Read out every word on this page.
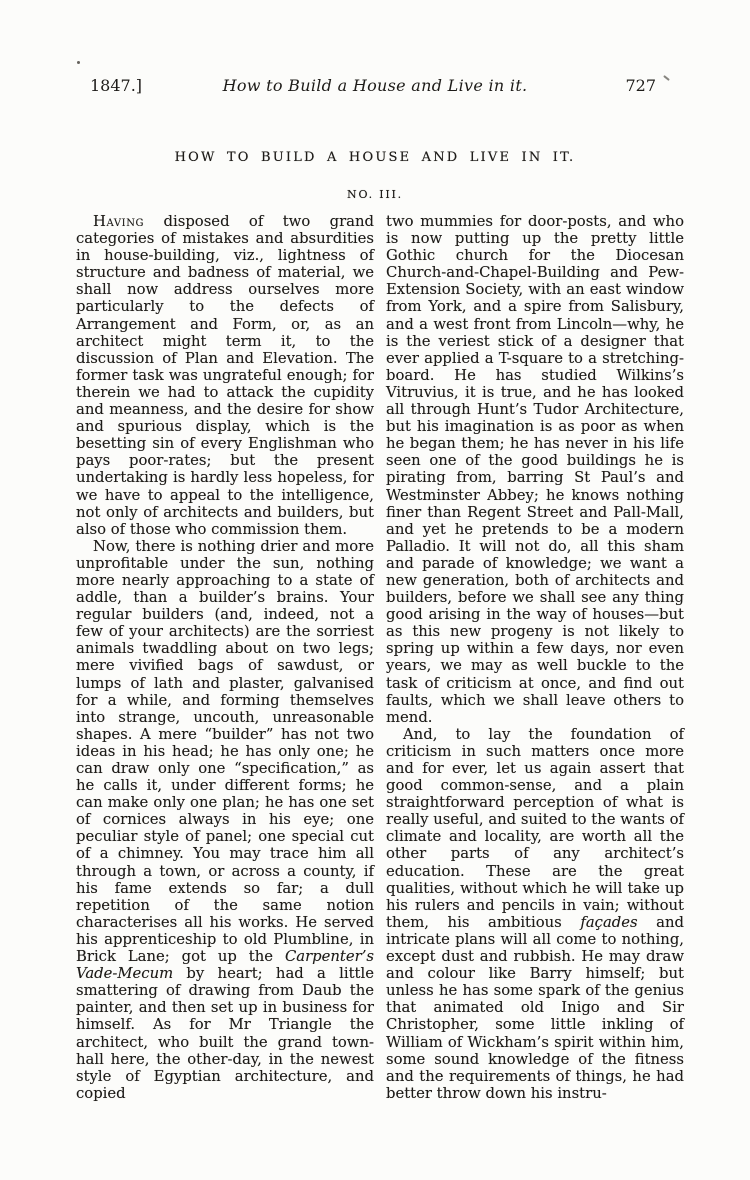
1847.]	How to Build a House and Live in it.	727
HOW TO BUILD A HOUSE AND LIVE IN IT.
NO. III.

Having disposed of two grand categories of mistakes and absurdities in house-building, viz., lightness of structure and badness of material, we shall now address ourselves more particularly to the defects of Arrangement and Form, or, as an architect might term it, to the discussion of Plan and Elevation. The former task was ungrateful enough; for therein we had to attack the cupidity and meanness, and the desire for show and spurious display, which is the besetting sin of every Englishman who pays poor-rates; but the present undertaking is hardly less hopeless, for we have to appeal to the intelligence, not only of architects and builders, but also of those who commission them.

Now, there is nothing drier and more unprofitable under the sun, nothing more nearly approaching to a state of addle, than a builder’s brains. Your regular builders (and, indeed, not a few of your architects) are the sorriest animals twaddling about on two legs; mere vivified bags of sawdust, or lumps of lath and plaster, galvanised for a while, and forming themselves into strange, uncouth, unreasonable shapes. A mere “builder” has not two ideas in his head; he has only one; he can draw only one “specification,” as he calls it, under different forms; he can make only one plan; he has one set of cornices always in his eye; one peculiar style of panel; one special cut of a chimney. You may trace him all through a town, or across a county, if his fame extends so far; a dull repetition of the same notion characterises all his works. He served his apprenticeship to old Plumbline, in Brick Lane; got up the Carpenter’s Vade-Mecum by heart; had a little smattering of drawing from Daub the painter, and then set up in business for himself. As for Mr Triangle the architect, who built the grand town-hall here, the other-day, in the newest style of Egyptian architecture, and copied

two mummies for door-posts, and who is now putting up the pretty little Gothic church for the Diocesan Church-and-Chapel-Building and Pew-Extension Society, with an east window from York, and a spire from Salisbury, and a west front from Lincoln—why, he is the veriest stick of a designer that ever applied a T-square to a stretching-board. He has studied Wilkins’s Vitruvius, it is true, and he has looked all through Hunt’s Tudor Architecture, but his imagination is as poor as when he began them; he has never in his life seen one of the good buildings he is pirating from, barring St Paul’s and Westminster Abbey; he knows nothing finer than Regent Street and Pall-Mall, and yet he pretends to be a modern Palladio. It will not do, all this sham and parade of knowledge; we want a new generation, both of architects and builders, before we shall see any thing good arising in the way of houses—but as this new progeny is not likely to spring up within a few days, nor even years, we may as well buckle to the task of criticism at once, and find out faults, which we shall leave others to mend.

And, to lay the foundation of criticism in such matters once more and for ever, let us again assert that good common-sense, and a plain straightforward perception of what is really useful, and suited to the wants of climate and locality, are worth all the other parts of any architect’s education. These are the great qualities, without which he will take up his rulers and pencils in vain; without them, his ambitious façades and intricate plans will all come to nothing, except dust and rubbish. He may draw and colour like Barry himself; but unless he has some spark of the genius that animated old Inigo and Sir Christopher, some little inkling of William of Wickham’s spirit within him, some sound knowledge of the fitness and the requirements of things, he had better throw down his instru-
